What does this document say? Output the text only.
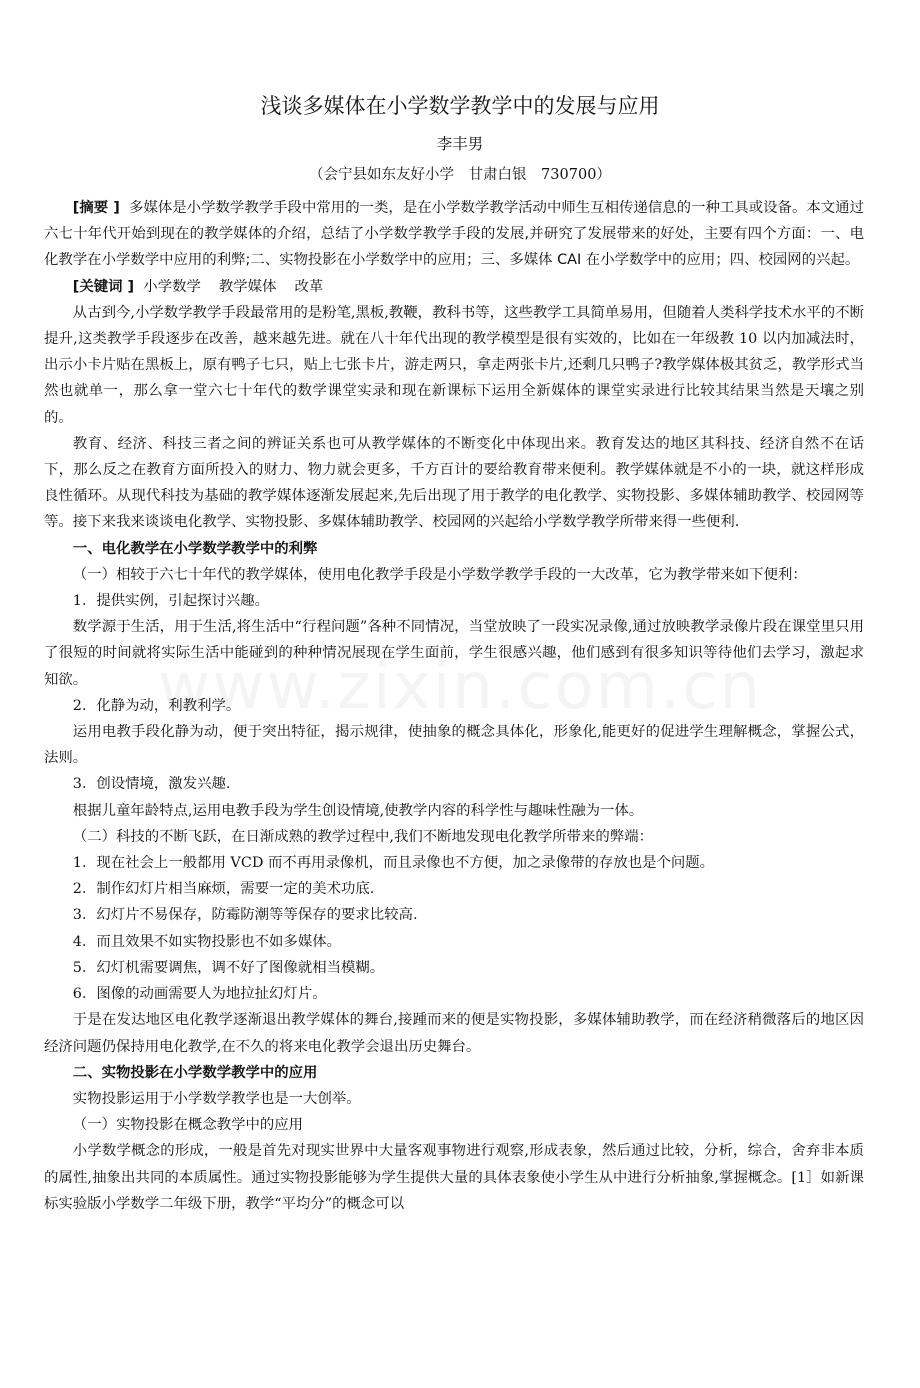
浅谈多媒体在小学数学教学中的发展与应用
李丰男
（会宁县如东友好小学　甘肃白银　730700）

[摘要 ] 多媒体是小学数学教学手段中常用的一类，是在小学数学教学活动中师生互相传递信息的一种工具或设备。本文通过六七十年代开始到现在的教学媒体的介绍，总结了小学数学教学手段的发展,并研究了发展带来的好处，主要有四个方面：一、电化教学在小学数学中应用的利弊;二、实物投影在小学数学中的应用；三、多媒体 CAI 在小学数学中的应用；四、校园网的兴起。

[关键词 ] 小学数学 教学媒体 改革

从古到今,小学数学教学手段最常用的是粉笔,黑板,教鞭，教科书等，这些教学工具简单易用，但随着人类科学技术水平的不断提升,这类教学手段逐步在改善，越来越先进。就在八十年代出现的教学模型是很有实效的，比如在一年级教 10 以内加减法时，出示小卡片贴在黑板上，原有鸭子七只，贴上七张卡片，游走两只，拿走两张卡片,还剩几只鸭子?教学媒体极其贫乏，教学形式当然也就单一，那么拿一堂六七十年代的数学课堂实录和现在新课标下运用全新媒体的课堂实录进行比较其结果当然是天壤之别的。

教育、经济、科技三者之间的辨证关系也可从教学媒体的不断变化中体现出来。教育发达的地区其科技、经济自然不在话下，那么反之在教育方面所投入的财力、物力就会更多，千方百计的要给教育带来便利。教学媒体就是不小的一块，就这样形成良性循环。从现代科技为基础的教学媒体逐渐发展起来,先后出现了用于教学的电化教学、实物投影、多媒体辅助教学、校园网等等。接下来我来谈谈电化教学、实物投影、多媒体辅助教学、校园网的兴起给小学数学教学所带来得一些便利.

一、电化教学在小学数学教学中的利弊

（一）相较于六七十年代的教学媒体，使用电化教学手段是小学数学教学手段的一大改革，它为教学带来如下便利：

1．提供实例，引起探讨兴趣。

数学源于生活，用于生活,将生活中“行程问题”各种不同情况，当堂放映了一段实况录像,通过放映教学录像片段在课堂里只用了很短的时间就将实际生活中能碰到的种种情况展现在学生面前，学生很感兴趣，他们感到有很多知识等待他们去学习，激起求知欲。

2．化静为动，利教利学。

运用电教手段化静为动，便于突出特征，揭示规律，使抽象的概念具体化，形象化,能更好的促进学生理解概念，掌握公式，法则。

3．创设情境，激发兴趣.

根据儿童年龄特点,运用电教手段为学生创设情境,使教学内容的科学性与趣味性融为一体。

（二）科技的不断飞跃，在日渐成熟的教学过程中,我们不断地发现电化教学所带来的弊端：

1．现在社会上一般都用 VCD 而不再用录像机，而且录像也不方便，加之录像带的存放也是个问题。

2．制作幻灯片相当麻烦，需要一定的美术功底.

3．幻灯片不易保存，防霉防潮等等保存的要求比较高.

4．而且效果不如实物投影也不如多媒体。

5．幻灯机需要调焦，调不好了图像就相当模糊。

6．图像的动画需要人为地拉扯幻灯片。

于是在发达地区电化教学逐渐退出教学媒体的舞台,接踵而来的便是实物投影，多媒体辅助教学，而在经济稍微落后的地区因经济问题仍保持用电化教学,在不久的将来电化教学会退出历史舞台。

二、实物投影在小学数学教学中的应用

实物投影运用于小学数学教学也是一大创举。

（一）实物投影在概念教学中的应用

小学数学概念的形成，一般是首先对现实世界中大量客观事物进行观察,形成表象，然后通过比较，分析，综合，舍弃非本质的属性,抽象出共同的本质属性。通过实物投影能够为学生提供大量的具体表象使小学生从中进行分析抽象,掌握概念。[1］如新课标实验版小学数学二年级下册，教学“平均分”的概念可以
